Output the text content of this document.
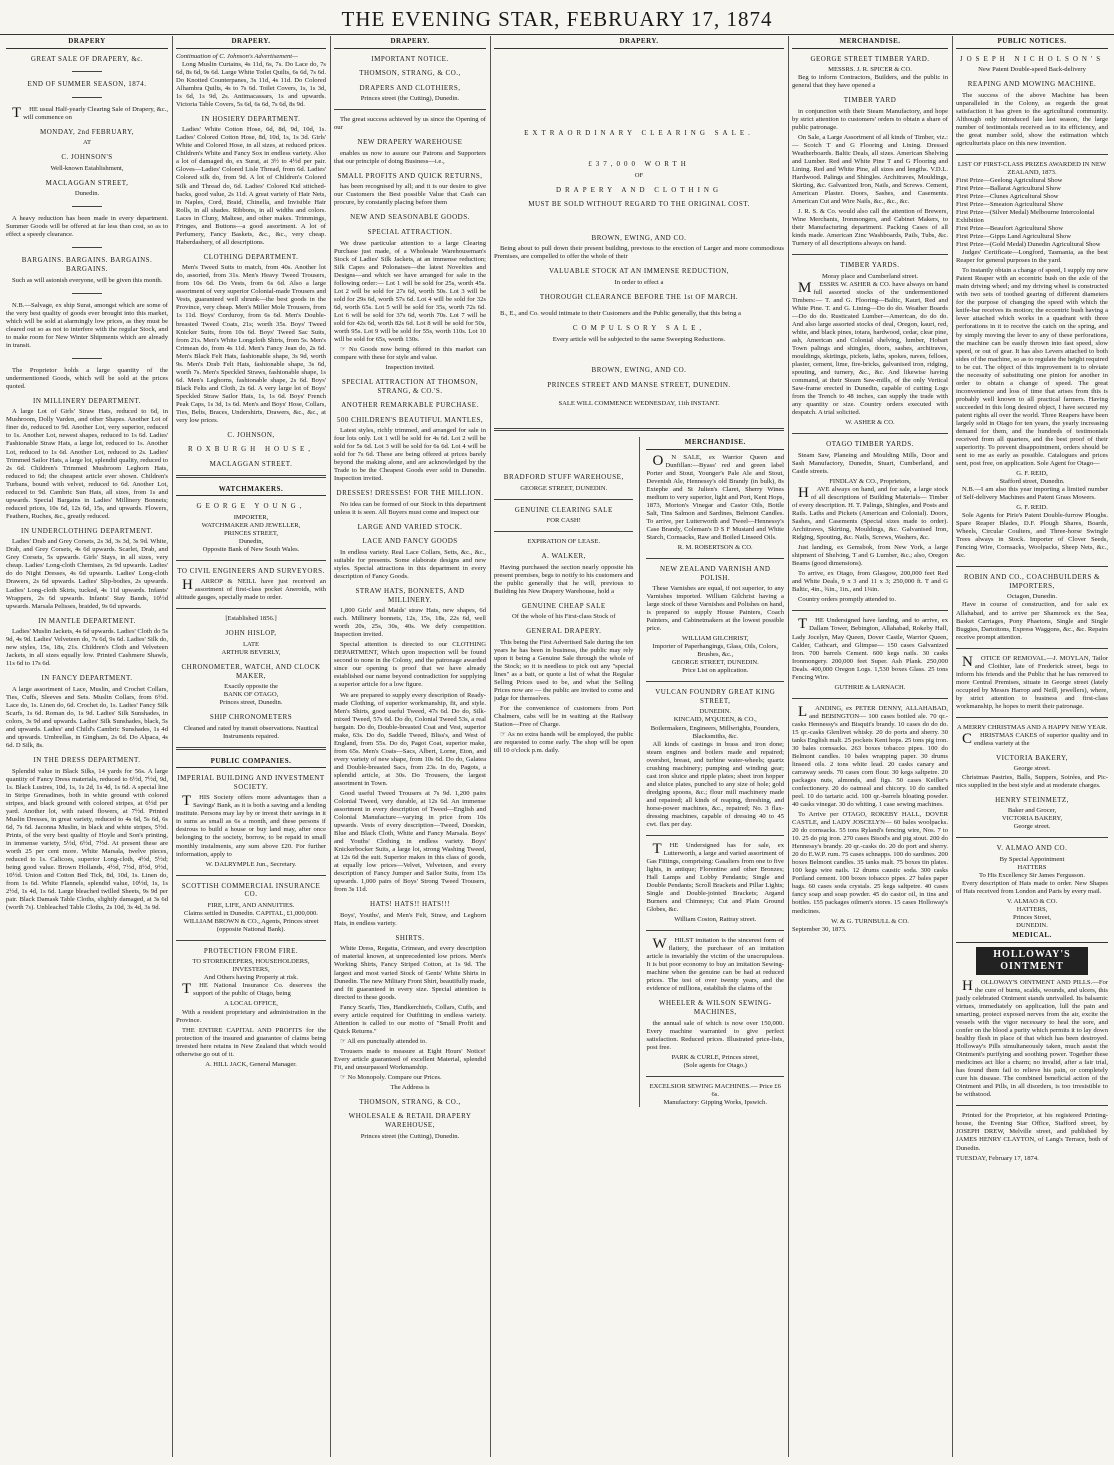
THE EVENING STAR, FEBRUARY 17, 1874
DRAPERY
GREAT SALE OF DRAPERY, &c.
END OF SUMMER SEASON, 1874.

THE usual Half-yearly Clearing Sale of Drapery, &c., will commence on

MONDAY, 2nd FEBRUARY,
AT
C. JOHNSON'S
Well-known Establishment,
MACLAGGAN STREET,
Dunedin.

A heavy reduction has been made in every department. Summer Goods will be offered at far less than cost, so as to effect a speedy clearance.

BARGAINS. BARGAINS. BARGAINS. BARGAINS.

Such as will astonish everyone, will be given this month.

N.B.—Salvage, ex ship Surat, amongst which are some of the very best quality of goods ever brought into this market, which will be sold at alarmingly low prices, as they must be cleared out so as not to interfere with the regular Stock, and to make room for New Winter Shipments which are already in transit.

The Proprietor holds a large quantity of the undermentioned Goods, which will be sold at the prices quoted.

IN MILLINERY DEPARTMENT.

A large Lot of Girls' Straw Hats, reduced to 6d, in Mushroom, Dolly Varden, and other Shapes. Another Lot of finer do, reduced to 9d. Another Lot, very superior, reduced to 1s. Another Lot, newest shapes, reduced to 1s 6d. Ladies' Fashionable Straw Hats, a large lot, reduced to 1s. Another Lot, reduced to 1s 6d. Another Lot, reduced to 2s. Ladies' Trimmed Sailor Hats, a large lot, splendid quality, reduced to 2s 6d. Children's Trimmed Mushroom Leghorn Hats, reduced to 6d; the cheapest article ever shown. Children's Turbans, bound with velvet, reduced to 6d. Another Lot, reduced to 9d. Cambric Sun Hats, all sizes, from 1s and upwards. Special Bargains in Ladies' Millinery Bonnets; reduced prices, 10s 6d, 12s 6d, 15s, and upwards. Flowers, Feathers, Ruches, &c., greatly reduced.

IN UNDERCLOTHING DEPARTMENT.

Ladies' Drab and Grey Corsets, 2s 3d, 3s 3d, 3s 9d. White, Drab, and Grey Corsets, 4s 6d upwards. Scarlet, Drab, and Grey Corsets, 5s upwards. Girls' Stays, in all sizes, very cheap. Ladies' Long-cloth Chemises, 2s 9d upwards. Ladies' do do Night Dresses, 4s 6d upwards. Ladies' Long-cloth Drawers, 2s 6d upwards. Ladies' Slip-bodies, 2s upwards. Ladies' Long-cloth Skirts, tucked, 4s 11d upwards. Infants' Wrappers, 2s 6d upwards. Infants' Stay Bands, 10½d upwards. Marsala Pelisses, braided, 9s 6d upwards.

IN MANTLE DEPARTMENT.

Ladies' Muslin Jackets, 4s 6d upwards. Ladies' Cloth do 5s 9d, 4s 9d. Ladies' Velveteen do, 7s 6d, 9s 6d. Ladies' Silk do, new styles, 15s, 18s, 21s. Children's Cloth and Velveteen Jackets, in all sizes equally low. Printed Cashmere Shawls, 11s 6d to 17s 6d.

IN FANCY DEPARTMENT.

A large assortment of Lace, Muslin, and Crochet Collars, Ties, Cuffs, Sleeves and Sets. Muslin Collars, from 6½d. Lace do, 1s. Linen do, 6d. Crochet do, 1s. Ladies' Fancy Silk Scarfs, 1s 6d. Roman do, 1s 9d. Ladies' Silk Sunshades, in colors, 3s 9d and upwards. Ladies' Silk Sunshades, black, 5s and upwards. Ladies' and Child's Cambric Sunshades, 1s 4d and upwards. Umbrellas, in Gingham, 2s 6d. Do Alpaca, 4s 6d. D Silk, 8s.

IN THE DRESS DEPARTMENT.

Splendid value in Black Silks, 14 yards for 56s. A large quantity of Fancy Dress materials, reduced to 6½d, 7½d, 9d, 1s. Black Lustres, 10d, 1s, 1s 2d, 1s 4d, 1s 6d. A special line in Stripe Grenadines, both in white ground with colored stripes, and black ground with colored stripes, at 6½d per yard. Another lot, with raised flowers, at 7½d. Printed Muslin Dresses, in great variety, reduced to 4s 6d, 5s 6d, 6s 6d, 7s 6d. Jaconna Muslin, in black and white stripes, 5½d. Prints, of the very best quality of Hoyle and Son's printing, in immense variety, 5½d, 6½d, 7½d. At present these are worth 25 per cent more. White Marsala, twelve pieces, reduced to 1s. Calicoes, superior Long-cloth, 4½d, 5½d; being good value. Brown Hollands, 4½d, 7½d, 8½d, 9½d, 10½d. Union and Cotton Bed Tick, 8d, 10d, 1s. Linen do, from 1s 6d. White Flannels, splendid value, 10½d, 1s, 1s 2½d, 1s 4d, 1s 6d. Large bleached twilled Sheets, 9s 9d per pair. Black Damask Table Cloths, slightly damaged, at 3s 6d (worth 7s). Unbleached Table Cloths, 2s 10d, 3s 4d, 3s 9d.

DRAPERY.
Continuation of C. Johnson's Advertisement—

Long Muslin Curtains, 4s 11d, 6s, 7s. Do Lace do, 7s 6d, 8s 6d, 9s 6d. Large White Toilet Quilts, 6s 6d, 7s 6d. Do Knotted Counterpanes, 3s 11d, 4s 11d. Do Colored Alhambra Quilts, 4s to 7s 6d. Toilet Covers, 1s, 1s 3d, 1s 6d, 1s 9d, 2s. Antimacassars, 1s and upwards. Victoria Table Covers, 5s 6d, 6s 6d, 7s 6d, 8s 9d.

IN HOSIERY DEPARTMENT.

Ladies' White Cotton Hose, 6d, 8d, 9d, 10d, 1s. Ladies' Colored Cotton Hose, 8d, 10d, 1s, 1s 3d. Girls' White and Colored Hose, in all sizes, at reduced prices. Children's White and Fancy Sox in endless variety. Also a lot of damaged do, ex Surat, at 3½ to 4½d per pair. Gloves—Ladies' Colored Lisle Thread, from 6d. Ladies' Colored silk do, from 9d. A lot of Children's Colored Silk and Thread do, 6d. Ladies' Colored Kid stitched-backs, good value, 2s 11d. A great variety of Hair Nets, in Naples, Cord, Braid, Chinella, and Invisible Hair Rolls, in all shades. Ribbons, in all widths and colors. Laces in Cluny, Maltese, and other makes. Trimmings, Fringes, and Buttons—a good assortment. A lot of Perfumery, Fancy Baskets, &c., &c., very cheap. Haberdashery, of all descriptions.

CLOTHING DEPARTMENT.

Men's Tweed Suits to match, from 40s. Another lot do, assorted, from 31s. Men's Heavy Tweed Trousers, from 10s 6d. Do Vests, from 6s 6d. Also a large assortment of very superior Colonial-made Trousers and Vests, guaranteed well shrunk—the best goods in the Province, very cheap. Men's Miller Mole Trousers, from 1s 11d. Boys' Corduroy, from 6s 6d. Men's Double-breasted Tweed Coats, 21s; worth 35s. Boys' Tweed Knicker Suits, from 10s 6d. Boys' Tweed Sac Suits, from 21s. Men's White Longcloth Shirts, from 5s. Men's Crimean do, from 4s 11d. Men's Fancy Jean do, 2s 6d. Men's Black Felt Hats, fashionable shape, 3s 9d, worth 9s. Men's Drab Felt Hats, fashionable shape, 3s 6d, worth 7s. Men's Speckled Straws, fashionable shape, 1s 6d. Men's Leghorns, fashionable shape, 2s 6d. Boys' Black Felts and Cloth, 2s 6d. A very large lot of Boys' Speckled Straw Sailor Hats, 1s, 1s 6d. Boys' French Peak Caps, 1s 3d, 1s 6d. Men's and Boys' Hose, Collars, Ties, Belts, Braces, Undershirts, Drawers, &c., &c., at very low prices.

C. JOHNSON,
ROXBURGH HOUSE,
MACLAGGAN STREET.
WATCHMAKERS.
GEORGE YOUNG,
IMPORTER,
WATCHMAKER AND JEWELLER,
PRINCES STREET,
Dunedin,
Opposite Bank of New South Wales.
TO CIVIL ENGINEERS AND SURVEYORS.

HARROP & NEILL have just received an assortment of first-class pocket Aneroids, with altitude gauges, specially made to order.

[Established 1856.]
JOHN HISLOP,
LATE
ARTHUR BEVERLY,
CHRONOMETER, WATCH, AND CLOCK MAKER,
Exactly opposite the
BANK OF OTAGO,
Princes street, Dunedin.
SHIP CHRONOMETERS
Cleaned and rated by transit observations. Nautical Instruments repaired.
PUBLIC COMPANIES.
IMPERIAL BUILDING AND INVESTMENT SOCIETY.

THIS Society offers more advantages than a Savings' Bank, as it is both a saving and a lending institute. Persons may lay by or invest their savings in it in sums as small as 6s a month, and these persons if desirous to build a house or buy land may, after once belonging to the society, borrow, to be repaid in small monthly instalments, any sum above £20. For further information, apply to

W. DALRYMPLE Jun., Secretary.
SCOTTISH COMMERCIAL INSURANCE CO.
FIRE, LIFE, AND ANNUITIES.
Claims settled in Dunedin. CAPITAL, £1,000,000.
WILLIAM BROWN & CO., Agents, Princes street (opposite National Bank).
PROTECTION FROM FIRE.
TO STOREKEEPERS, HOUSEHOLDERS, INVESTERS,
And Others having Property at risk.

THE National Insurance Co. deserves the support of the public of Otago, being

A LOCAL OFFICE,

With a resident proprietary and administration in the Province.

THE ENTIRE CAPITAL AND PROFITS for the protection of the insured and guarantee of claims being invested here retains in New Zealand that which would otherwise go out of it.

A. HILL JACK, General Manager.
DRAPERY.
IMPORTANT NOTICE.
THOMSON, STRANG, & CO.,
DRAPERS AND CLOTHIERS,
Princes street (the Cutting), Dunedin.

The great success achieved by us since the Opening of our

NEW DRAPERY WAREHOUSE

enables us now to assure our Patrons and Supporters that our principle of doing Business—i.e.,

SMALL PROFITS AND QUICK RETURNS,

has been recognised by all; and it is our desire to give our Customers the Best possible Value that Cash can procure, by constantly placing before them

NEW AND SEASONABLE GOODS.
SPECIAL ATTRACTION.

We draw particular attention to a large Clearing Purchase just made, of a Wholesale Warehouseman's Stock of Ladies' Silk Jackets, at an immense reduction; Silk Capes and Polonaises—the latest Novelties and Designs—and which we have arranged for sale in the following order:— Lot 1 will be sold for 25s, worth 45s. Lot 2 will be sold for 27s 6d, worth 50s. Lot 3 will be sold for 29s 6d, worth 57s 6d. Lot 4 will be sold for 32s 6d, worth 65s. Lot 5 will be sold for 35s, worth 72s 6d. Lot 6 will be sold for 37s 6d, worth 70s. Lot 7 will be sold for 42s 6d, worth 82s 6d. Lot 8 will be sold for 50s, worth 95s. Lot 9 will be sold for 55s, worth 110s. Lot 10 will be sold for 65s, worth 130s.

☞ No Goods now being offered in this market can compare with these for style and value.

Inspection invited.
SPECIAL ATTRACTION AT THOMSON, STRANG, & CO.'S.
ANOTHER REMARKABLE PURCHASE.
500 CHILDREN'S BEAUTIFUL MANTLES,

Latest styles, richly trimmed, and arranged for sale in four lots only. Lot 1 will be sold for 4s 6d. Lot 2 will be sold for 5s 6d. Lot 3 will be sold for 6s 6d. Lot 4 will be sold for 7s 6d. These are being offered at prices barely beyond the making alone, and are acknowledged by the Trade to be the Cheapest Goods ever sold in Dunedin. Inspection invited.

DRESSES! DRESSES! FOR THE MILLION.

No idea can be formed of our Stock in this department unless it is seen. All Buyers must come and inspect our

LARGE AND VARIED STOCK.
LACE AND FANCY GOODS

In endless variety. Real Lace Collars, Setts, &c., &c., suitable for presents. Some elaborate designs and new styles. Special attractions in this department in every description of Fancy Goods.

STRAW HATS, BONNETS, AND MILLINERY.

1,800 Girls' and Maids' straw Hats, new shapes, 6d each. Millinery bonnets, 12s, 15s, 18s, 22s 6d, well worth 20s, 25s, 30s, 40s. We defy competition. Inspection invited.

Special attention is directed to our CLOTHING DEPARTMENT, Which upon inspection will be found second to none in the Colony, and the patronage awarded since our opening is proof that we have already established our name beyond contradiction for supplying a superior article for a low figure.

We are prepared to supply every description of Ready-made Clothing, of superior workmanship, fit, and style. Men's Shirts, good useful Tweed, 47s 6d. Do do, Silk-mixed Tweed, 57s 6d. Do do, Colonial Tweed 53s, a real bargain. Do do, Double-breasted Coat and Vest, superior make, 63s. Do do, Saddle Tweed, Bliss's, and West of England, from 55s. Do do, Pagot Coat, superior make, from 65s. Men's Coats—Sacs, Albert, Lorne, Eton, and every variety of new shape, from 10s 6d. Do do, Galatea and Double-breasted Sacs, from 23s. In do, Pagots, a splendid article, at 30s. Do Trousers, the largest assortment in Town.

Good useful Tweed Trousers at 7s 9d. 1,200 pairs Colonial Tweed, very durable, at 12s 6d. An immense assortment in every description of Tweed—English and Colonial Manufacture—varying in price from 10s upwards. Vests of every description—Tweed, Doeskin, Blue and Black Cloth, White and Fancy Marsala. Boys' and Youths' Clothing in endless variety. Boys' Knickerbocker Suits, a large lot, strong Washing Tweed, at 12s 6d the suit. Superior makes in this class of goods, at equally low prices—Velvet, Velveteen, and every description of Fancy Jumper and Sailor Suits, from 15s upwards. 1,000 pairs of Boys' Strong Tweed Trousers, from 3s 11d.

HATS! HATS!! HATS!!!

Boys', Youths', and Men's Felt, Straw, and Leghorn Hats, in endless variety.

SHIRTS.

White Dress, Regatta, Crimean, and every description of material known, at unprecedented low prices. Men's Working Shirts, Fancy Striped Cotton, at 1s 9d. The largest and most varied Stock of Gents' White Shirts in Dunedin. The new Military Front Shirt, beautifully made, and fit guaranteed in every size. Special attention is directed to these goods.

Fancy Scarfs, Ties, Handkerchiefs, Collars, Cuffs, and every article required for Outfitting in endless variety. Attention is called to our motto of "Small Profit and Quick Returns."

☞ All ers punctually attended to.

Trousers made to measure at Eight Hours' Notice! Every article guaranteed of excellent Material, splendid Fit, and unsurpassed Workmanship.

☞ No Monopoly. Compare our Prices.

The Address is
THOMSON, STRANG, & CO.,
WHOLESALE & RETAIL DRAPERY WAREHOUSE,
Princes street (the Cutting), Dunedin.
DRAPERY.
EXTRAORDINARY CLEARING SALE.
£37,000 WORTH
OF
DRAPERY AND CLOTHING
MUST BE SOLD WITHOUT REGARD TO THE ORIGINAL COST.
BROWN, EWING, AND CO.

Being about to pull down their present building, previous to the erection of Larger and more commodious Premises, are compelled to offer the whole of their

VALUABLE STOCK AT AN IMMENSE REDUCTION,
In order to effect a
THOROUGH CLEARANCE BEFORE THE 1st OF MARCH.

B., E., and Co. would intimate to their Customers and the Public generally, that this being a

COMPULSORY SALE,
Every article will be subjected to the same Sweeping Reductions.
BROWN, EWING, AND CO.
PRINCES STREET AND MANSE STREET, DUNEDIN.
SALE WILL COMMENCE WEDNESDAY, 11th INSTANT.
BRADFORD STUFF WAREHOUSE,
GEORGE STREET, DUNEDIN.
GENUINE CLEARING SALE
FOR CASH!
EXPIRATION OF LEASE.
A. WALKER,

Having purchased the section nearly opposite his present premises, begs to notify to his customers and the public generally that he will, previous to Building his New Drapery Warehouse, hold a

GENUINE CHEAP SALE
Of the whole of his First-class Stock of
GENERAL DRAPERY.

This being the First Advertised Sale during the ten years he has been in business, the public may rely upon it being a Genuine Sale through the whole of the Stock; so it is needless to pick out any "special lines" as a bait, or quote a list of what the Regular Selling Prices used to be, and what the Selling Prices now are — the public are invited to come and judge for themselves.

For the convenience of customers from Port Chalmers, cabs will be in waiting at the Railway Station—Free of Charge.

☞ As no extra hands will be employed, the public are requested to come early. The shop will be open till 10 o'clock p.m. daily.

MERCHANDISE.

ON SALE, ex Warrior Queen and Dunfillan:—Byass' red and green label Porter and Stout, Younger's Pale Ale and Stout, Devenish Ale, Hennessy's old Brandy (in bulk), 8s Extephe and St Julien's Claret, Sherry Wines medium to very superior, light and Port, Kent Hops, 1873, Morton's Vinegar and Castor Oils, Bottle Salt, Tins Salmon and Sardines, Belmont Candles. To arrive, per Lutterworth and Tweel—Hennessy's Case Brandy, Coleman's D S F Mustard and White Starch, Cornsacks, Raw and Boiled Linseed Oils.

R. M. ROBERTSON & CO.
NEW ZEALAND VARNISH AND POLISH.

These Varnishes are equal, if not superior, to any Varnishes imported. William Gilchrist having a large stock of these Varnishes and Polishes on hand, is prepared to supply House Painters, Coach Painters, and Cabinetmakers at the lowest possible price.

WILLIAM GILCHRIST,
Importer of Paperhangings, Glass, Oils, Colors, Brushes, &c.,
GEORGE STREET, DUNEDIN.
Price List on application.
VULCAN FOUNDRY GREAT KING STREET,
DUNEDIN.
KINCAID, M'QUEEN, & CO.,
Boilermakers, Engineers, Millwrights, Founders, Blacksmiths, &c.

All kinds of castings in brass and iron done; steam engines and boilers made and repaired; overshot, breast, and turbine water-wheels; quartz crushing machinery; pumping and winding gear; cast iron sluice and ripple plates; sheet iron hopper and sluice plates, punched to any size of hole; gold dredging spoons, &c.; flour mill machinery made and repaired; all kinds of reaping, threshing, and horse-power machines, &c., repaired; No. 3 flax-dressing machines, capable of dressing 40 to 45 cwt. flax per day.

THE Undersigned has for sale, ex Lutterworth, a large and varied assortment of Gas Fittings, comprising: Gasaliers from one to five lights, in antique; Florentine and other Bronzes; Hall Lamps and Lobby Pendants; Single and Double Pendants; Scroll Brackets and Pillar Lights; Single and Double-jointed Brackets; Argand Burners and Chimneys; Cut and Plain Ground Globes, &c.

William Coston, Rattray street.

WHILST imitation is the sincerest form of flattery, the purchaser of an imitation article is invariably the victim of the unscrupulous. It is but poor economy to buy an imitation Sewing-machine when the genuine can be had at reduced prices. The test of over twenty years, and the evidence of millions, establish the claims of the

WHEELER & WILSON SEWING-MACHINES,

the annual sale of which is now over 150,000. Every machine warranted to give perfect satisfaction. Reduced prices. Illustrated price-lists, post free.

PARK & CURLE, Princes street,
(Sole agents for Otago.)
EXCELSIOR SEWING MACHINES.— Price £6 6s.
Manufactory: Gipping Works, Ipswich.
MERCHANDISE.
GEORGE STREET TIMBER YARD.
MESSRS. J. R. SPICER & CO.

Beg to inform Contractors, Builders, and the public in general that they have opened a

TIMBER YARD

in conjunction with their Steam Manufactory, and hope by strict attention to customers' orders to obtain a share of public patronage.

On Sale, a Large Assortment of all kinds of Timber, viz.:— Scotch T and G Flooring and Lining. Dressed Weatherboards. Baltic Deals, all sizes. American Shelving and Lumber. Red and White Pine T and G Flooring and Lining. Red and White Pine, all sizes and lengths. V.D.L. Hardwood. Palings and Shingles. Architraves, Mouldings, Skirting, &c. Galvanized Iron, Nails, and Screws. Cement, American Plaster. Doors, Sashes, and Casements. American Cut and Wire Nails, &c., &c., &c.

J. R. S. & Co. would also call the attention of Brewers, Wine Merchants, Ironmongers, and Cabinet Makers, to their Manufacturing department. Packing Cases of all kinds made. American Zinc Washboards, Pails, Tubs, &c. Turnery of all descriptions always on hand.

TIMBER YARDS.
Moray place and Cumberland street.

MESSRS W. ASHER & CO. have always on hand full assorted stocks of the undermentioned Timbers:— T. and G. Flooring—Baltic, Kauri, Red and White Pine. T. and G. Lining—Do do do. Weather Boards—Do do do. Rusticated Lumber—American, do do do. And also large assorted stocks of deal, Oregon, kauri, red, white, and black pines, totara, hardwood, cedar, clear pine, ash, American and Colonial shelving, lumber, Hobart Town palings and shingles, doors, sashes, architraves, mouldings, skirtings, pickets, laths, spokes, naves, felloes, plaster, cement, lime, fire-bricks, galvanised iron, ridging, spouting, and turnery, &c., &c. And likewise having command, at their Steam Saw-mills, of the only Vertical Saw-frame erected in Dunedin, capable of cutting Logs from the Trench to 48 inches, can supply the trade with any quantity or size. Country orders executed with despatch. A trial solicited.

W. ASHER & CO.
OTAGO TIMBER YARDS.

Steam Saw, Planeing and Moulding Mills, Door and Sash Manufactory, Dunedin, Stuart, Cumberland, and Castle streets.

FINDLAY & CO., Proprietors,

HAVE always on hand, and for sale, a large stock of all descriptions of Building Materials— Timber of every description. H. T. Palings, Shingles, and Posts and Rails. Laths and Pickets (American and Colonial). Doors, Sashes, and Casements (Special sizes made to order). Architraves, Skirting, Mouldings, &c. Galvanised Iron, Ridging, Spouting, &c. Nails, Screws, Washers, &c.

Just landing, ex Gemsbok, from New York, a large shipment of Shelving, T and G Lumber, &c.; also, Oregon Beams (good dimensions).

To arrive, ex Otago, from Glasgow, 200,000 feet Red and White Deals, 9 x 3 and 11 x 3; 250,000 ft. T and G Baltic, 4in., ¾in., 1in., and 1¼in.

Country orders promptly attended to.

THE Undersigned have landing, and to arrive, ex Dallam Tower, Bebington, Allahabad, Rokeby Hall, Lady Jocelyn, May Queen, Dover Castle, Warrior Queen, Calder, Cathcart, and Glimpse— 150 cases Galvanized Iron. 700 barrels Cement. 600 kegs nails. 30 casks Ironmongery. 200,000 feet Super. Ash Plank. 250,000 Deals. 400,000 Oregon Logs. 1,530 boxes Glass. 25 tons Fencing Wire.

GUTHRIE & LARNACH.

LANDING, ex PETER DENNY, ALLAHABAD, and BEBINGTON— 100 cases bottled ale. 70 qr.-casks Hennessy's and Bisquit's brandy. 10 cases do do do. 15 qr.-casks Glenlivet whisky. 20 do ports and sherry. 30 tanks English malt. 25 pockets Kent hops. 25 tons pig iron. 30 bales cornsacks. 263 boxes tobacco pipes. 100 do Belmont candles. 10 bales wrapping paper. 30 drums linseed oils. 2 tons white lead. 20 casks canary and carraway seeds. 70 cases corn flour. 30 kegs saltpetre. 20 packages nuts, almonds, and figs. 50 cases Keiller's confectionery. 20 do oatmeal and chicory. 10 do candied peel. 10 do tartaric acid. 100 qr.-barrels bloating powder. 40 casks vinegar. 30 do whiting. 1 case sewing machines.

To Arrive per OTAGO, ROKEBY HALL, DOVER CASTLE, and LADY JOSCELYN— 60 bales woolpacks. 20 do cornsacks. 55 tons Ryland's fencing wire, Nos. 7 to 10. 25 do pig iron. 270 cases Bisod's and pig stout. 200 do Hennessy's brandy. 20 qr.-casks do. 20 do port and sherry. 20 do E.W.P. rum. 75 cases schnapps. 100 do sardines. 200 boxes Belmont candles. 35 tanks malt. 75 boxes tin plates. 100 kegs wire nails. 12 drums caustic soda. 300 casks Portland cement. 100 boxes tobacco pipes. 27 bales paper bags. 60 cases soda crystals. 25 kegs saltpetre. 40 cases fancy soap and soap powder. 45 do castor oil, in tins and bottles. 155 packages oilmen's stores. 15 cases Holloway's medicines.

W. & G. TURNBULL & CO.
September 30, 1873.
PUBLIC NOTICES.
JOSEPH NICHOLSON'S
New Patent Double-speed Back-delivery
REAPING AND MOWING MACHINE.

The success of the above Machine has been unparalleled in the Colony, as regards the great satisfaction it has given to the agricultural community. Although only introduced late last season, the large number of testimonials received as to its efficiency, and the great number sold, show the estimation which agriculturists place on this new invention.

LIST OF FIRST-CLASS PRIZES AWARDED IN NEW ZEALAND, 1873.
First Prize—Geelong Agricultural Show
First Prize—Ballarat Agricultural Show
First Prize—Clunes Agricultural Show
First Prize—Smeaton Agricultural Show
First Prize—(Silver Medal) Melbourne Intercolonial Exhibition
First Prize—Beaufort Agricultural Show
First Prize—Gipps Land Agricultural Show
First Prize—(Gold Medal) Dunedin Agricultural Show

Judges' Certificate—Longford, Tasmania, as the best Reaper for general purposes in the yard.

To instantly obtain a change of speed, I supply my new Patent Reaper with an eccentric bush on the axle of the main driving wheel; and my driving wheel is constructed with two sets of toothed gearing of different diameters for the purpose of changing the speed with which the knife-bar receives its motion; the eccentric bush having a lever attached which works in a quadrant with three perforations in it to receive the catch on the spring, and by simply moving the lever to any of these perforations, the machine can be easily thrown into fast speed, slow speed, or out of gear. It has also Levers attached to both sides of the machine, so as to regulate the height required to be cut. The object of this improvement is to obviate the necessity of substituting one pinion for another in order to obtain a change of speed. The great inconvenience and loss of time that arises from this is probably well known to all practical farmers. Having succeeded in this long desired object, I have secured my patent rights all over the world. Three Reapers have been largely sold in Otago for ten years, the yearly increasing demand for them, and the hundreds of testimonials received from all quarters, and the best proof of their superiority. To prevent disappointment, orders should be sent to me as early as possible. Catalogues and prices sent, post free, on application. Sole Agent for Otago—

G. F. REID,
Stafford street, Dunedin.

N.B.—I am also this year importing a limited number of Self-delivery Machines and Patent Grass Mowers.

G. F. REID.

Sole Agents for Pirie's Patent Double-furrow Ploughs. Spare Reaper Blades, D.F. Plough Shares, Boards, Wheels, Circular Coulters, and Three-horse Swingle Trees always in Stock. Importer of Clover Seeds, Fencing Wire, Cornsacks, Woolpacks, Sheep Nets, &c., &c.

ROBIN AND CO., COACHBUILDERS & IMPORTERS,
Octagon, Dunedin.

Have in course of construction, and for sale ex Allahabad, and to arrive per Shamrock ex the Sea, Basket Carriages, Pony Phaetons, Single and Single Buggies, Dartoitons, Express Waggons, &c., &c. Repairs receive prompt attention.

NOTICE OF REMOVAL.—J. MOYLAN, Tailor and Clothier, late of Frederick street, begs to inform his friends and the Public that he has removed to more Central Premises, situate in George street (lately occupied by Messrs Harrop and Neill, jewellers), where, by strict attention to business and first-class workmanship, he hopes to merit their patronage.

A MERRY CHRISTMAS AND A HAPPY NEW YEAR.

CHRISTMAS CAKES of superior quality and in endless variety at the

VICTORIA BAKERY,
George street.

Christmas Pastries, Balls, Suppers, Soirées, and Pic-nics supplied in the best style and at moderate charges.

HENRY STEINMETZ,
Baker and Grocer,
VICTORIA BAKERY,
George street.
V. ALMAO AND CO.
By Special Appointment
HATTERS
To His Excellency Sir James Fergusson.

Every description of Hats made to order. New Shapes of Hats received from London and Paris by every mail.

V. ALMAO & CO.
HATTERS,
Princes Street,
DUNEDIN.
MEDICAL.
HOLLOWAY'S OINTMENT

HOLLOWAY'S OINTMENT AND PILLS.—For the cure of burns, scalds, wounds, and ulcers, this justly celebrated Ointment stands unrivalled. Its balsamic virtues, immediately on application, lull the pain and smarting, protect exposed nerves from the air, excite the vessels with the vigor necessary to heal the sore, and confer on the blood a purity which permits it to lay down healthy flesh in place of that which has been destroyed. Holloway's Pills simultaneously taken, much assist the Ointment's purifying and soothing power. Together these medicines act like a charm; no invalid, after a fair trial, has found them fail to relieve his pain, or completely cure his disease. The combined beneficial action of the Ointment and Pills, in all disorders, is too irresistible to be withstood.

Printed for the Proprietor, at his registered Printing-house, the Evening Star Office, Stafford street, by JOSEPH DREW, Melville street, and published by JAMES HENRY CLAYTON, of Lang's Terrace, both of Dunedin.

TUESDAY, February 17, 1874.
